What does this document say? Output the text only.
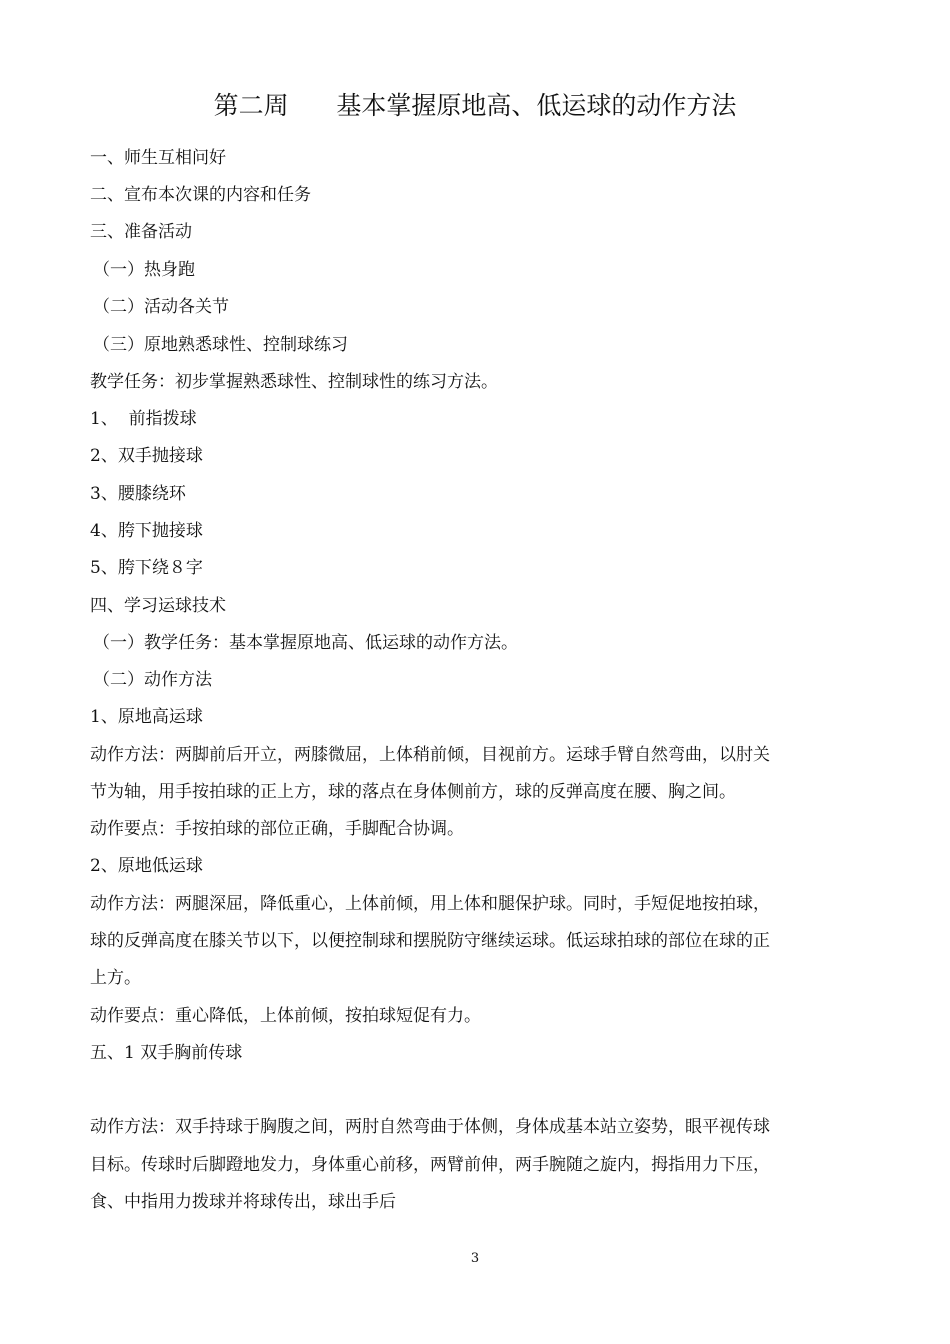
第二周      基本掌握原地高、低运球的动作方法
一、师生互相问好
二、宣布本次课的内容和任务
三、准备活动
（一）热身跑
（二）活动各关节
（三）原地熟悉球性、控制球练习
教学任务：初步掌握熟悉球性、控制球性的练习方法。
1、  前指拨球
2、双手抛接球
3、腰膝绕环
4、胯下抛接球
5、胯下绕８字
四、学习运球技术
（一）教学任务：基本掌握原地高、低运球的动作方法。
（二）动作方法
1、原地高运球
动作方法：两脚前后开立，两膝微屈，上体稍前倾，目视前方。运球手臂自然弯曲，以肘关
节为轴，用手按拍球的正上方，球的落点在身体侧前方，球的反弹高度在腰、胸之间。
动作要点：手按拍球的部位正确，手脚配合协调。
2、原地低运球
动作方法：两腿深屈，降低重心，上体前倾，用上体和腿保护球。同时，手短促地按拍球，
球的反弹高度在膝关节以下，以便控制球和摆脱防守继续运球。低运球拍球的部位在球的正
上方。
动作要点：重心降低，上体前倾，按拍球短促有力。
五、1 双手胸前传球
动作方法：双手持球于胸腹之间，两肘自然弯曲于体侧，身体成基本站立姿势，眼平视传球
目标。传球时后脚蹬地发力，身体重心前移，两臂前伸，两手腕随之旋内，拇指用力下压，
食、中指用力拨球并将球传出，球出手后
3
